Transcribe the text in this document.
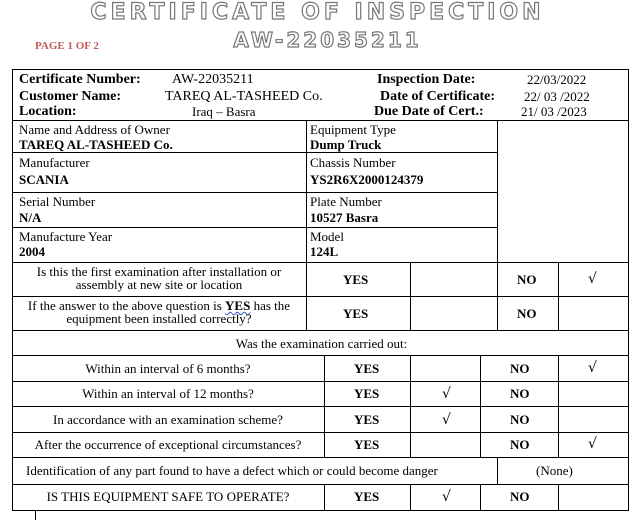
CERTIFICATE OF INSPECTION
AW-22035211
PAGE 1 OF 2
Certificate Number: AW-22035211
Customer Name:	TAREQ AL-TASHEED Co.
Location:	Iraq – Basra
Inspection Date:	22/03/2022
Date of Certificate: 22/ 03 /2022
Due Date of Cert.:	21/ 03 /2023
Name and Address of Owner
TAREQ AL-TASHEED Co.
Equipment Type
Dump Truck
Manufacturer
SCANIA
Chassis Number
YS2R6X2000124379
Serial Number
N/A
Plate Number
10527 Basra
Manufacture Year
2004
Model
124L
Is this the first examination after installation or assembly at new site or location	YES	NO	√
If the answer to the above question is YES has the equipment been installed correctly?	YES	NO
Was the examination carried out:
Within an interval of 6 months?	YES	NO	√
Within an interval of 12 months?	YES	√	NO
In accordance with an examination scheme?	YES	√	NO
After the occurrence of exceptional circumstances?	YES	NO	√
Identification of any part found to have a defect which or could become danger	(None)
IS THIS EQUIPMENT SAFE TO OPERATE?	YES	√	NO
